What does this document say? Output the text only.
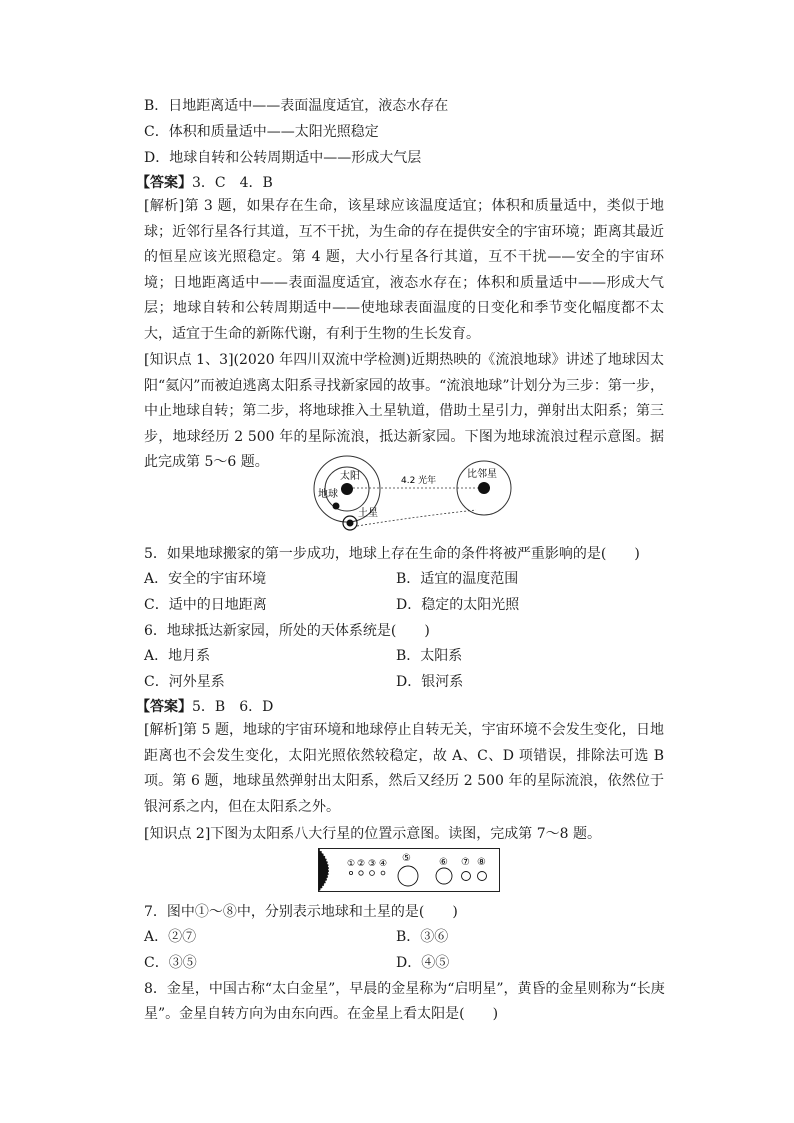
B．日地距离适中——表面温度适宜，液态水存在
C．体积和质量适中——太阳光照稳定
D．地球自转和公转周期适中——形成大气层
【答案】3．C　4．B
[解析]第 3 题，如果存在生命，该星球应该温度适宜；体积和质量适中，类似于地球；近邻行星各行其道，互不干扰，为生命的存在提供安全的宇宙环境；距离其最近的恒星应该光照稳定。第 4 题，大小行星各行其道，互不干扰——安全的宇宙环境；日地距离适中——表面温度适宜，液态水存在；体积和质量适中——形成大气层；地球自转和公转周期适中——使地球表面温度的日变化和季节变化幅度都不太大，适宜于生命的新陈代谢，有利于生物的生长发育。
[知识点 1、3](2020 年四川双流中学检测)近期热映的《流浪地球》讲述了地球因太阳“氦闪”而被迫逃离太阳系寻找新家园的故事。“流浪地球”计划分为三步：第一步，中止地球自转；第二步，将地球推入土星轨道，借助土星引力，弹射出太阳系；第三步，地球经历 2 500 年的星际流浪，抵达新家园。下图为地球流浪过程示意图。据此完成第 5～6 题。
太阳
地球
土星
比邻星
4.2 光年
5．如果地球搬家的第一步成功，地球上存在生命的条件将被严重影响的是(　　)
A．安全的宇宙环境	B．适宜的温度范围
C．适中的日地距离	D．稳定的太阳光照
6．地球抵达新家园，所处的天体系统是(　　)
A．地月系	B．太阳系
C．河外星系	D．银河系
【答案】5．B　6．D
[解析]第 5 题，地球的宇宙环境和地球停止自转无关，宇宙环境不会发生变化，日地距离也不会发生变化，太阳光照依然较稳定，故 A、C、D 项错误，排除法可选 B 项。第 6 题，地球虽然弹射出太阳系，然后又经历 2 500 年的星际流浪，依然位于银河系之内，但在太阳系之外。
[知识点 2]下图为太阳系八大行星的位置示意图。读图，完成第 7～8 题。
① ② ③ ④ ⑤	⑥ ⑦ ⑧
7．图中①～⑧中，分别表示地球和土星的是(　　)
A．②⑦	B．③⑥
C．③⑤	D．④⑤
8．金星，中国古称“太白金星”，早晨的金星称为“启明星”，黄昏的金星则称为“长庚
星”。金星自转方向为由东向西。在金星上看太阳是(　　)
